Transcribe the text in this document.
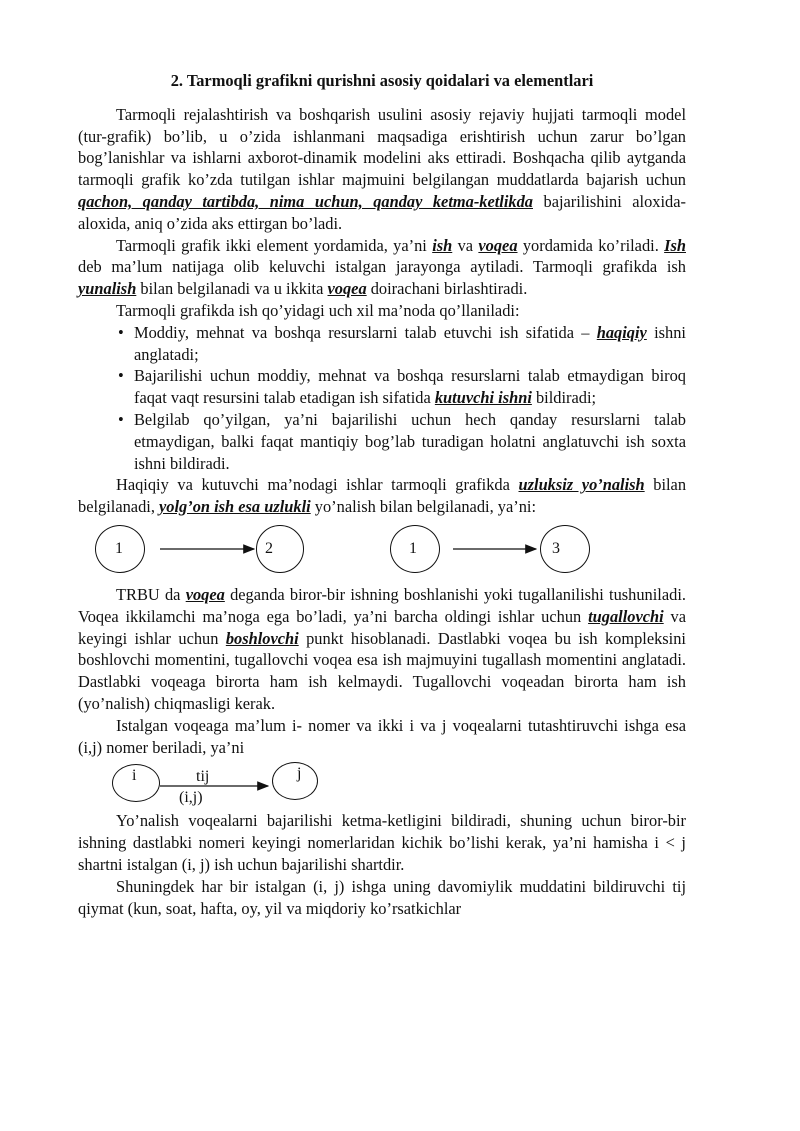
2. Tarmoqli grafikni qurishni asosiy qoidalari va elementlari

Tarmoqli rejalashtirish va boshqarish usulini asosiy rejaviy hujjati tarmoqli model (tur-grafik) bo’lib, u o’zida ishlanmani maqsadiga erishtirish uchun zarur bo’lgan bog’lanishlar va ishlarni axborot-dinamik modelini aks ettiradi. Boshqacha qilib aytganda tarmoqli grafik ko’zda tutilgan ishlar majmuini belgilangan muddatlarda bajarish uchun qachon, qanday tartibda, nima uchun, qanday ketma-ketlikda bajarilishini aloxida-aloxida, aniq o’zida aks ettirgan bo’ladi.

Tarmoqli grafik ikki element yordamida, ya’ni ish va voqea yordamida ko’riladi. Ish deb ma’lum natijaga olib keluvchi istalgan jarayonga aytiladi. Tarmoqli grafikda ish yunalish bilan belgilanadi va u ikkita voqea doirachani birlashtiradi.

Tarmoqli grafikda ish qo’yidagi uch xil ma’noda qo’llaniladi:

• Moddiy, mehnat va boshqa resurslarni talab etuvchi ish sifatida – haqiqiy ishni anglatadi;
• Bajarilishi uchun moddiy, mehnat va boshqa resurslarni talab etmaydigan biroq faqat vaqt resursini talab etadigan ish sifatida kutuvchi ishni bildiradi;
• Belgilab qo’yilgan, ya’ni bajarilishi uchun hech qanday resurslarni talab etmaydigan, balki faqat mantiqiy bog’lab turadigan holatni anglatuvchi ish soxta ishni bildiradi.

Haqiqiy va kutuvchi ma’nodagi ishlar tarmoqli grafikda uzluksiz yo’nalish bilan belgilanadi, yolg’on ish esa uzlukli yo’nalish bilan belgilanadi, ya’ni:

1	2	1	3

TRBU da voqea deganda biror-bir ishning boshlanishi yoki tugallanilishi tushuniladi. Voqea ikkilamchi ma’noga ega bo’ladi, ya’ni barcha oldingi ishlar uchun tugallovchi va keyingi ishlar uchun boshlovchi punkt hisoblanadi. Dastlabki voqea bu ish kompleksini boshlovchi momentini, tugallovchi voqea esa ish majmuyini tugallash momentini anglatadi. Dastlabki voqeaga birorta ham ish kelmaydi. Tugallovchi voqeadan birorta ham ish (yo’nalish) chiqmasligi kerak.

Istalgan voqeaga ma’lum i- nomer va ikki i va j voqealarni tutashtiruvchi ishga esa (i,j) nomer beriladi, ya’ni

i	tij
(i,j)
j

Yo’nalish voqealarni bajarilishi ketma-ketligini bildiradi, shuning uchun biror-bir ishning dastlabki nomeri keyingi nomerlaridan kichik bo’lishi kerak, ya’ni hamisha i < j shartni istalgan (i, j) ish uchun bajarilishi shartdir.

Shuningdek har bir istalgan (i, j) ishga uning davomiylik muddatini bildiruvchi tij qiymat (kun, soat, hafta, oy, yil va miqdoriy ko’rsatkichlar
